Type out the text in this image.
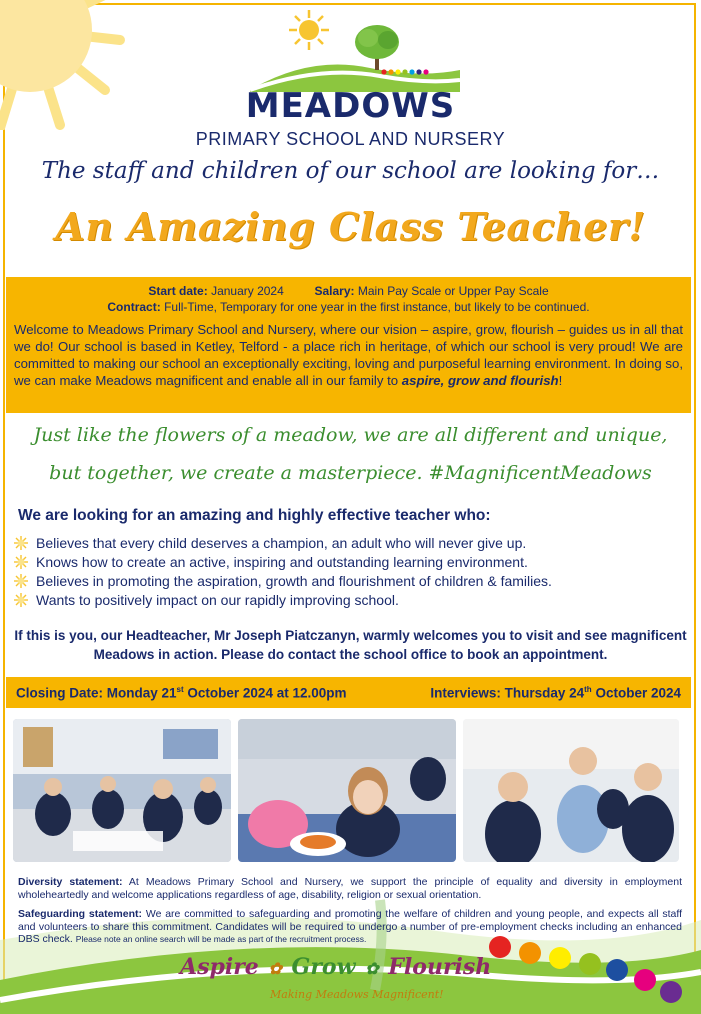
MEADOWS
PRIMARY SCHOOL AND NURSERY
The staff and children of our school are looking for…
An Amazing Class Teacher!
Start date: January 2024	Salary: Main Pay Scale or Upper Pay Scale
Contract: Full-Time, Temporary for one year in the first instance, but likely to be continued.
Welcome to Meadows Primary School and Nursery, where our vision – aspire, grow, flourish – guides us in all that we do! Our school is based in Ketley, Telford - a place rich in heritage, of which our school is very proud! We are committed to making our school an exceptionally exciting, loving and purposeful learning environment. In doing so, we can make Meadows magnificent and enable all in our family to aspire, grow and flourish!
Just like the flowers of a meadow, we are all different and unique,
but together, we create a masterpiece. #MagnificentMeadows
We are looking for an amazing and highly effective teacher who:
Believes that every child deserves a champion, an adult who will never give up.
Knows how to create an active, inspiring and outstanding learning environment.
Believes in promoting the aspiration, growth and flourishment of children & families.
Wants to positively impact on our rapidly improving school.
If this is you, our Headteacher, Mr Joseph Piatczanyn, warmly welcomes you to visit and see magnificent Meadows in action. Please do contact the school office to book an appointment.
Closing Date: Monday 21st October 2024 at 12.00pm	Interviews: Thursday 24th October 2024
Diversity statement: At Meadows Primary School and Nursery, we support the principle of equality and diversity in employment wholeheartedly and welcome applications regardless of age, disability, religion or sexual orientation.
Safeguarding statement: We are committed to safeguarding and promoting the welfare of children and young people, and expects all staff and volunteers to share this commitment. Candidates will be required to undergo a number of pre-employment checks including an enhanced DBS check. Please note an online search will be made as part of the recruitment process.
Aspire ✿ Grow ✿ Flourish
Making Meadows Magnificent!
